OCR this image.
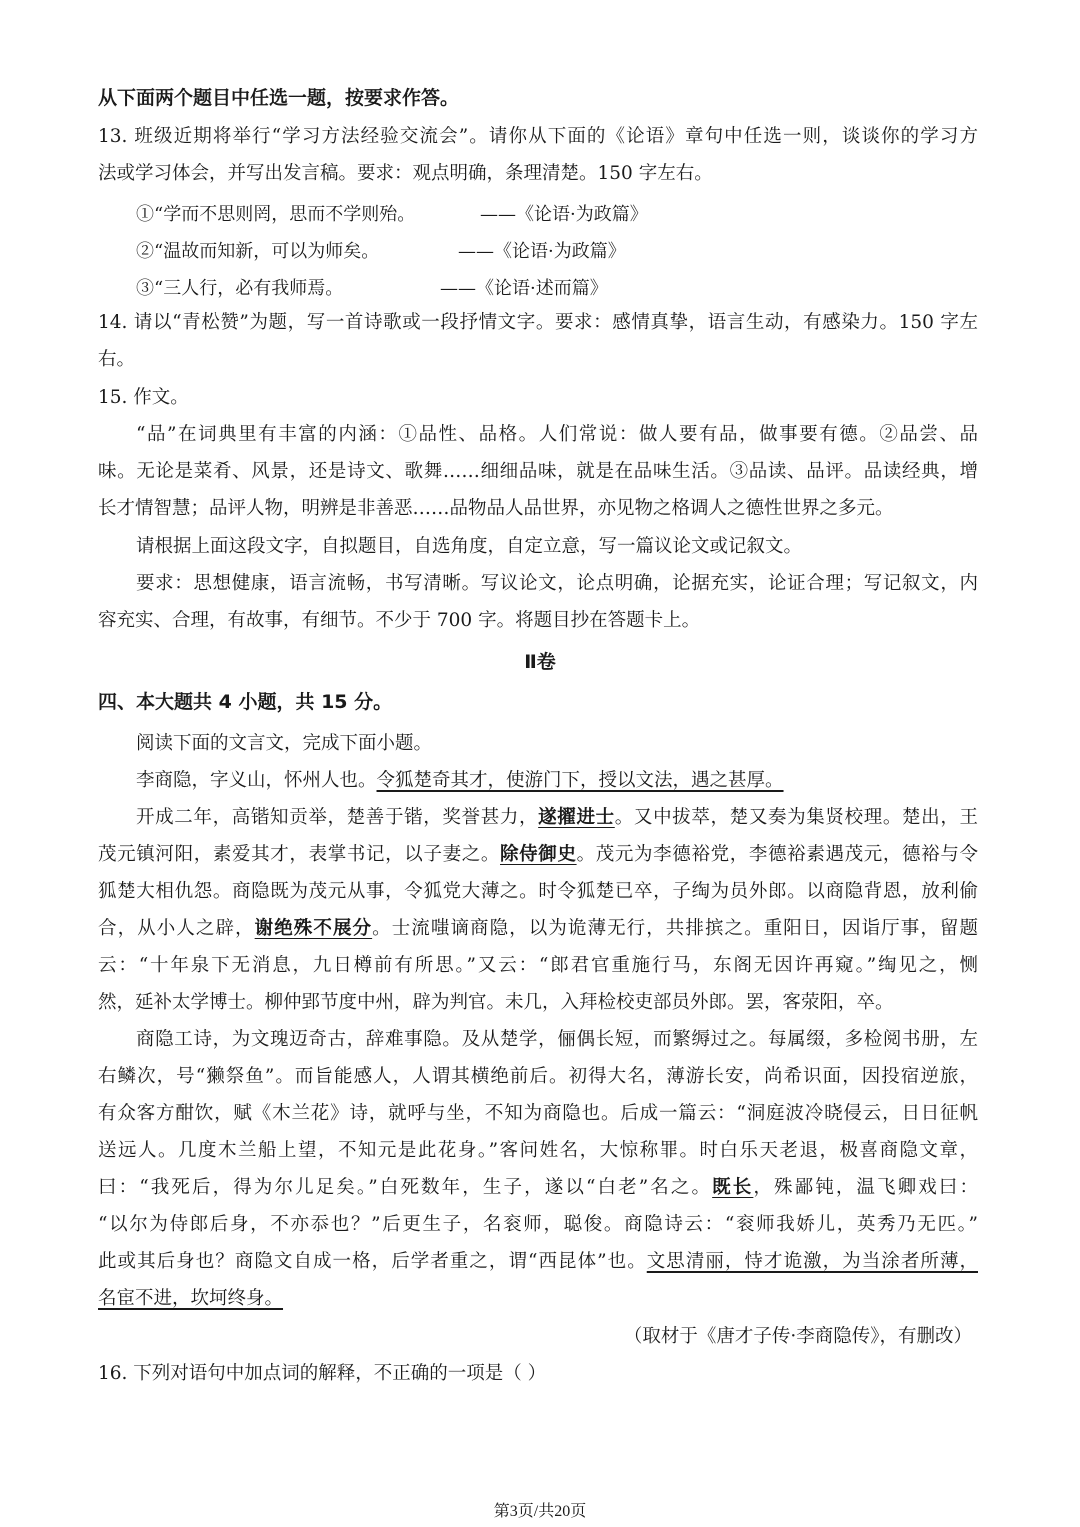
从下面两个题目中任选一题，按要求作答。
13. 班级近期将举行“学习方法经验交流会”。请你从下面的《论语》章句中任选一则，谈谈你的学习方
法或学习体会，并写出发言稿。要求：观点明确，条理清楚。150 字左右。
①“学而不思则罔，思而不学则殆。	——《论语·为政篇》
②“温故而知新，可以为师矣。	——《论语·为政篇》
③“三人行，必有我师焉。	——《论语·述而篇》
14. 请以“青松赞”为题，写一首诗歌或一段抒情文字。要求：感情真挚，语言生动，有感染力。150 字左
右。
15. 作文。
“品”在词典里有丰富的内涵：①品性、品格。人们常说：做人要有品，做事要有德。②品尝、品
味。无论是菜肴、风景，还是诗文、歌舞……细细品味，就是在品味生活。③品读、品评。品读经典，增
长才情智慧；品评人物，明辨是非善恶……品物品人品世界，亦见物之格调人之德性世界之多元。
请根据上面这段文字，自拟题目，自选角度，自定立意，写一篇议论文或记叙文。
要求：思想健康，语言流畅，书写清晰。写议论文，论点明确，论据充实，论证合理；写记叙文，内
容充实、合理，有故事，有细节。不少于 700 字。将题目抄在答题卡上。
Ⅱ卷
四、本大题共 4 小题，共 15 分。
阅读下面的文言文，完成下面小题。
李商隐，字义山，怀州人也。令狐楚奇其才，使游门下，授以文法，遇之甚厚。
开成二年，高锴知贡举，楚善于锴，奖誉甚力，遂擢进士。又中拔萃，楚又奏为集贤校理。楚出，王
茂元镇河阳，素爱其才，表掌书记，以子妻之。除侍御史。茂元为李德裕党，李德裕素遇茂元，德裕与令
狐楚大相仇怨。商隐既为茂元从事，令狐党大薄之。时令狐楚已卒，子绹为员外郎。以商隐背恩，放利偷
合，从小人之辟，谢绝殊不展分。士流嗤谪商隐，以为诡薄无行，共排摈之。重阳日，因诣厅事，留题
云：“十年泉下无消息，九日樽前有所思。”又云：“郎君官重施行马，东阁无因许再窥。”绹见之，恻
然，延补太学博士。柳仲郢节度中州，辟为判官。未几，入拜检校吏部员外郎。罢，客荥阳，卒。
商隐工诗，为文瑰迈奇古，辞难事隐。及从楚学，俪偶长短，而繁缛过之。每属缀，多检阅书册，左
右鳞次，号“獭祭鱼”。而旨能感人，人谓其横绝前后。初得大名，薄游长安，尚希识面，因投宿逆旅，
有众客方酣饮，赋《木兰花》诗，就呼与坐，不知为商隐也。后成一篇云：“洞庭波冷晓侵云，日日征帆
送远人。几度木兰船上望，不知元是此花身。”客问姓名，大惊称罪。时白乐天老退，极喜商隐文章，
曰：“我死后，得为尔儿足矣。”白死数年，生子，遂以“白老”名之。既长，殊鄙钝，温飞卿戏曰：
“以尔为侍郎后身，不亦忝也？”后更生子，名衮师，聪俊。商隐诗云：“衮师我娇儿，英秀乃无匹。”
此或其后身也？商隐文自成一格，后学者重之，谓“西昆体”也。文思清丽，恃才诡激，为当涂者所薄，
名宦不进，坎坷终身。
（取材于《唐才子传·李商隐传》，有删改）
16. 下列对语句中加点词的解释，不正确的一项是（ ）
第3页/共20页
